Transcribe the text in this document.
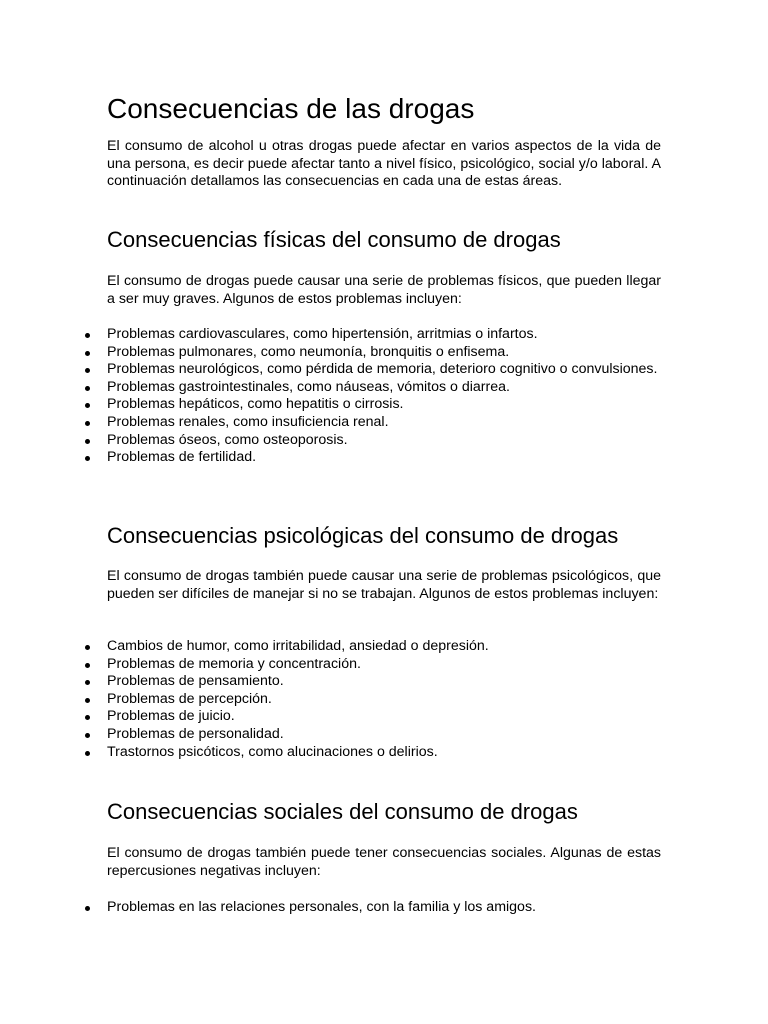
Consecuencias de las drogas

El consumo de alcohol u otras drogas puede afectar en varios aspectos de la vida de una persona, es decir puede afectar tanto a nivel físico, psicológico, social y/o laboral. A continuación detallamos las consecuencias en cada una de estas áreas.

Consecuencias físicas del consumo de drogas

El consumo de drogas puede causar una serie de problemas físicos, que pueden llegar a ser muy graves. Algunos de estos problemas incluyen:

Problemas cardiovasculares, como hipertensión, arritmias o infartos.
Problemas pulmonares, como neumonía, bronquitis o enfisema.
Problemas neurológicos, como pérdida de memoria, deterioro cognitivo o convulsiones.
Problemas gastrointestinales, como náuseas, vómitos o diarrea.
Problemas hepáticos, como hepatitis o cirrosis.
Problemas renales, como insuficiencia renal.
Problemas óseos, como osteoporosis.
Problemas de fertilidad.
Consecuencias psicológicas del consumo de drogas

El consumo de drogas también puede causar una serie de problemas psicológicos, que pueden ser difíciles de manejar si no se trabajan. Algunos de estos problemas incluyen:

Cambios de humor, como irritabilidad, ansiedad o depresión.
Problemas de memoria y concentración.
Problemas de pensamiento.
Problemas de percepción.
Problemas de juicio.
Problemas de personalidad.
Trastornos psicóticos, como alucinaciones o delirios.
Consecuencias sociales del consumo de drogas

El consumo de drogas también puede tener consecuencias sociales. Algunas de estas repercusiones negativas incluyen:

Problemas en las relaciones personales, con la familia y los amigos.
